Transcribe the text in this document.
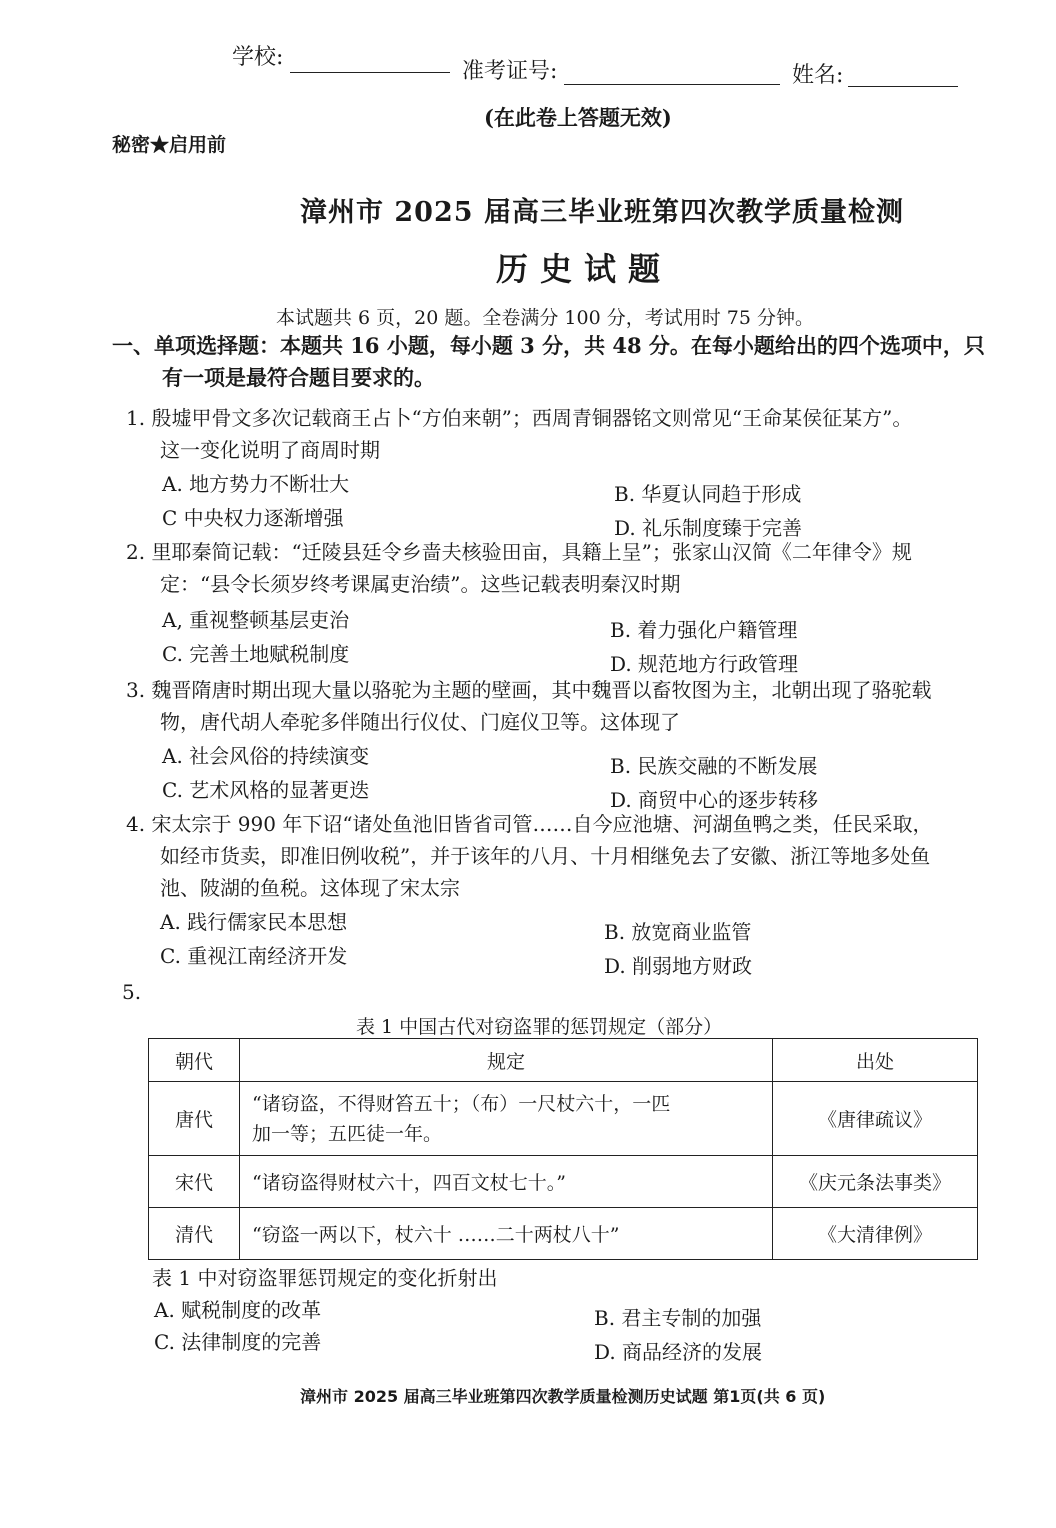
学校:
准考证号:	姓名:
(在此卷上答题无效)
秘密★启用前
漳州市 2025 届高三毕业班第四次教学质量检测
历史试题
本试题共 6 页，20 题。全卷满分 100 分，考试用时 75 分钟。
一、单项选择题：本题共 16 小题，每小题 3 分，共 48 分。在每小题给出的四个选项中，只
有一项是最符合题目要求的。
1. 殷墟甲骨文多次记载商王占卜“方伯来朝”；西周青铜器铭文则常见“王命某侯征某方”。
这一变化说明了商周时期
A. 地方势力不断壮大	B. 华夏认同趋于形成
C 中央权力逐渐增强	D. 礼乐制度臻于完善
2. 里耶秦简记载：“迁陵县廷令乡啬夫核验田亩，具籍上呈”；张家山汉简《二年律令》规
定：“县令长须岁终考课属吏治绩”。这些记载表明秦汉时期
A, 重视整顿基层吏治	B. 着力强化户籍管理
C. 完善土地赋税制度	D. 规范地方行政管理
3. 魏晋隋唐时期出现大量以骆驼为主题的壁画，其中魏晋以畜牧图为主，北朝出现了骆驼载
物，唐代胡人牵驼多伴随出行仪仗、门庭仪卫等。这体现了
A. 社会风俗的持续演变	B. 民族交融的不断发展
C. 艺术风格的显著更迭	D. 商贸中心的逐步转移
4. 宋太宗于 990 年下诏“诸处鱼池旧皆省司管……自今应池塘、河湖鱼鸭之类，任民采取，
如经市货卖，即准旧例收税”，并于该年的八月、十月相继免去了安徽、浙江等地多处鱼
池、陂湖的鱼税。这体现了宋太宗
A. 践行儒家民本思想	B. 放宽商业监管
C. 重视江南经济开发	D. 削弱地方财政
5.
表 1 中国古代对窃盗罪的惩罚规定（部分）
朝代	规定	出处
唐代	“诸窃盗，不得财笞五十；（布）一尺杖六十，一匹
加一等；五匹徒一年。	《唐律疏议》
宋代	“诸窃盗得财杖六十，四百文杖七十。”	《庆元条法事类》
清代	“窃盗一两以下，杖六十 ……二十两杖八十”	《大清律例》
表 1 中对窃盗罪惩罚规定的变化折射出
A. 赋税制度的改革	B. 君主专制的加强
C. 法律制度的完善	D. 商品经济的发展
漳州市 2025 届高三毕业班第四次教学质量检测历史试题 第1页(共 6 页)
